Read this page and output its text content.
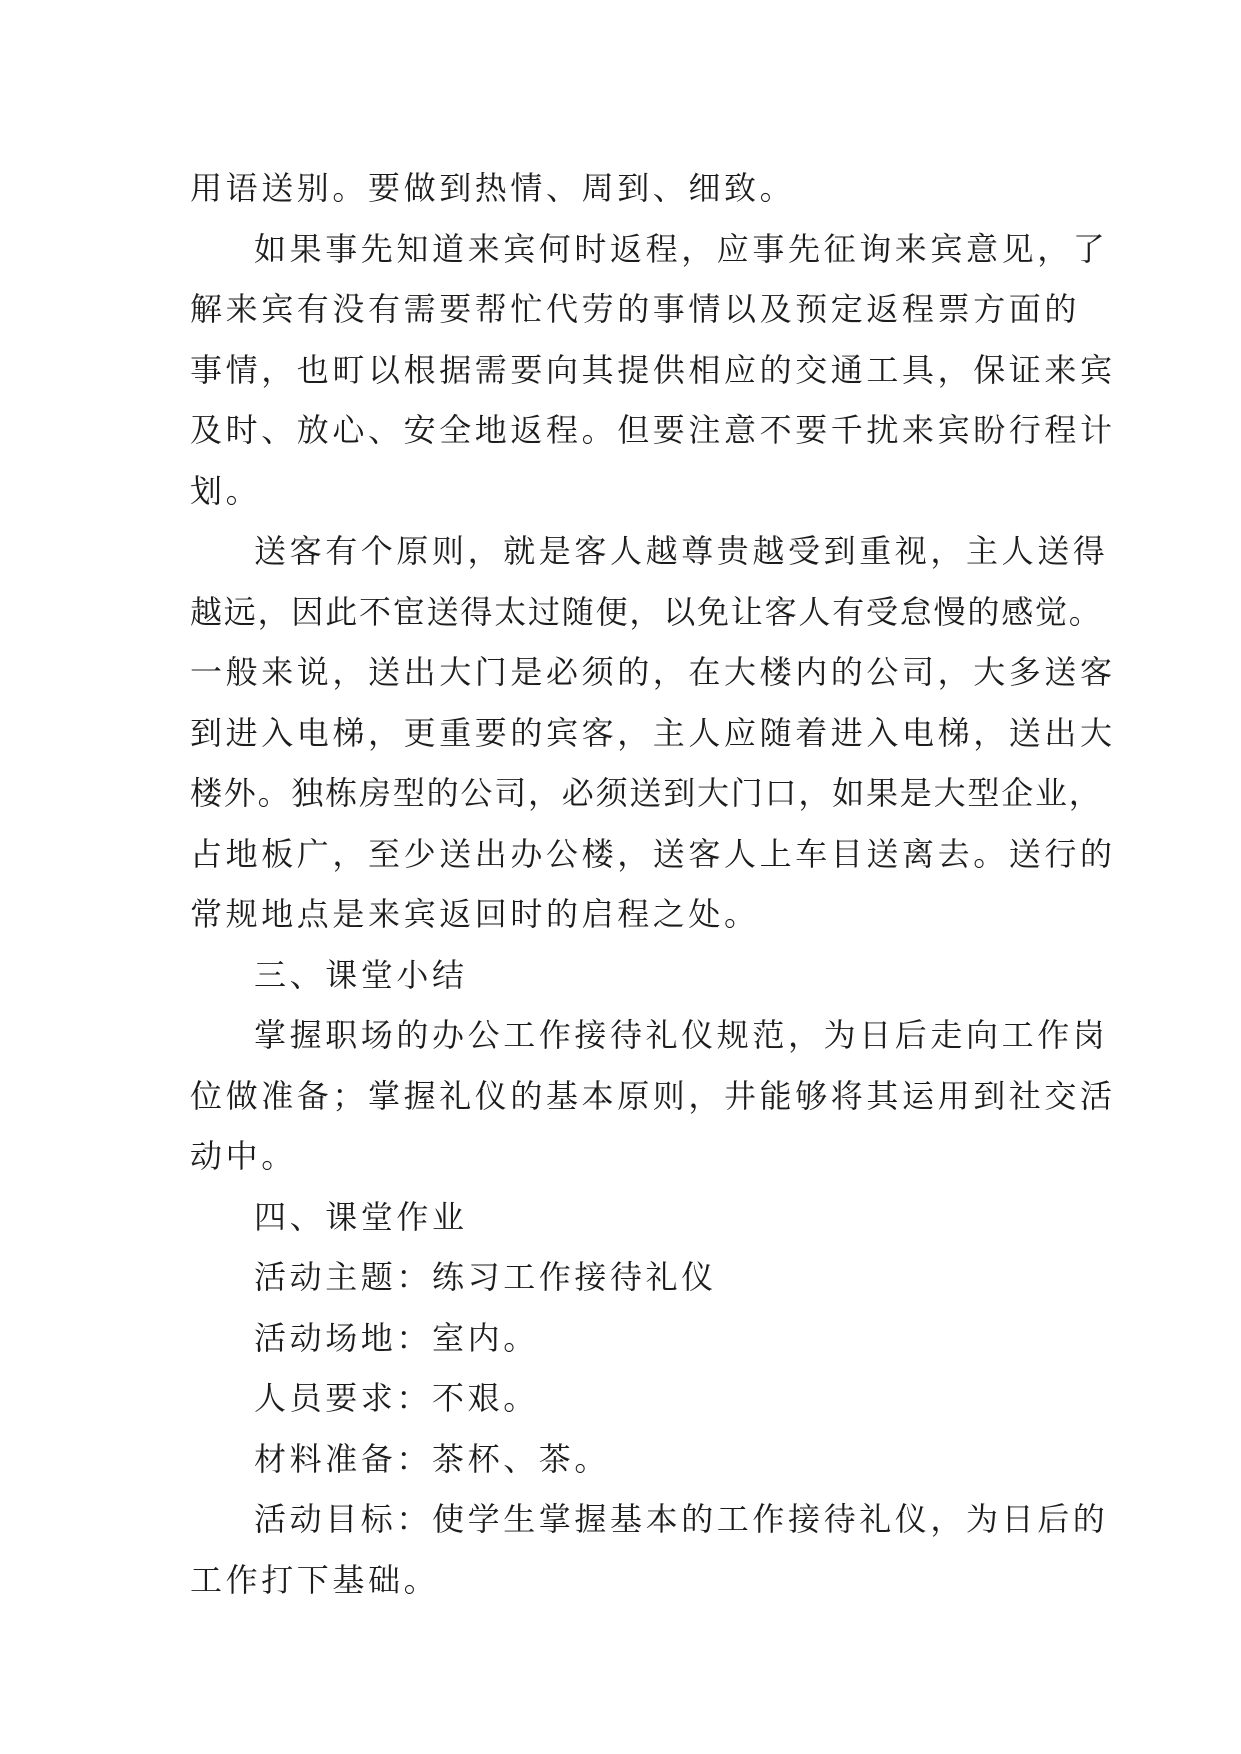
用语送别。要做到热情、周到、细致。
如果事先知道来宾何时返程，应事先征询来宾意见，了
解来宾有没有需要帮忙代劳的事情以及预定返程票方面的
事情，也町以根据需要向其提供相应的交通工具，保证来宾
及时、放心、安全地返程。但要注意不要千扰来宾盼行程计
划。
送客有个原则，就是客人越尊贵越受到重视，主人送得
越远，因此不宦送得太过随便，以免让客人有受怠慢的感觉。
一般来说，送出大门是必须的，在大楼内的公司，大多送客
到进入电梯，更重要的宾客，主人应随着进入电梯，送出大
楼外。独栋房型的公司，必须送到大门口，如果是大型企业，
占地板广，至少送出办公楼，送客人上车目送离去。送行的
常规地点是来宾返回时的启程之处。
三、课堂小结
掌握职场的办公工作接待礼仪规范，为日后走向工作岗
位做准备；掌握礼仪的基本原则，井能够将其运用到社交活
动中。
四、课堂作业
活动主题：练习工作接待礼仪
活动场地：室内。
人员要求：不艰。
材料准备：茶杯、茶。
活动目标：使学生掌握基本的工作接待礼仪，为日后的
工作打下基础。
